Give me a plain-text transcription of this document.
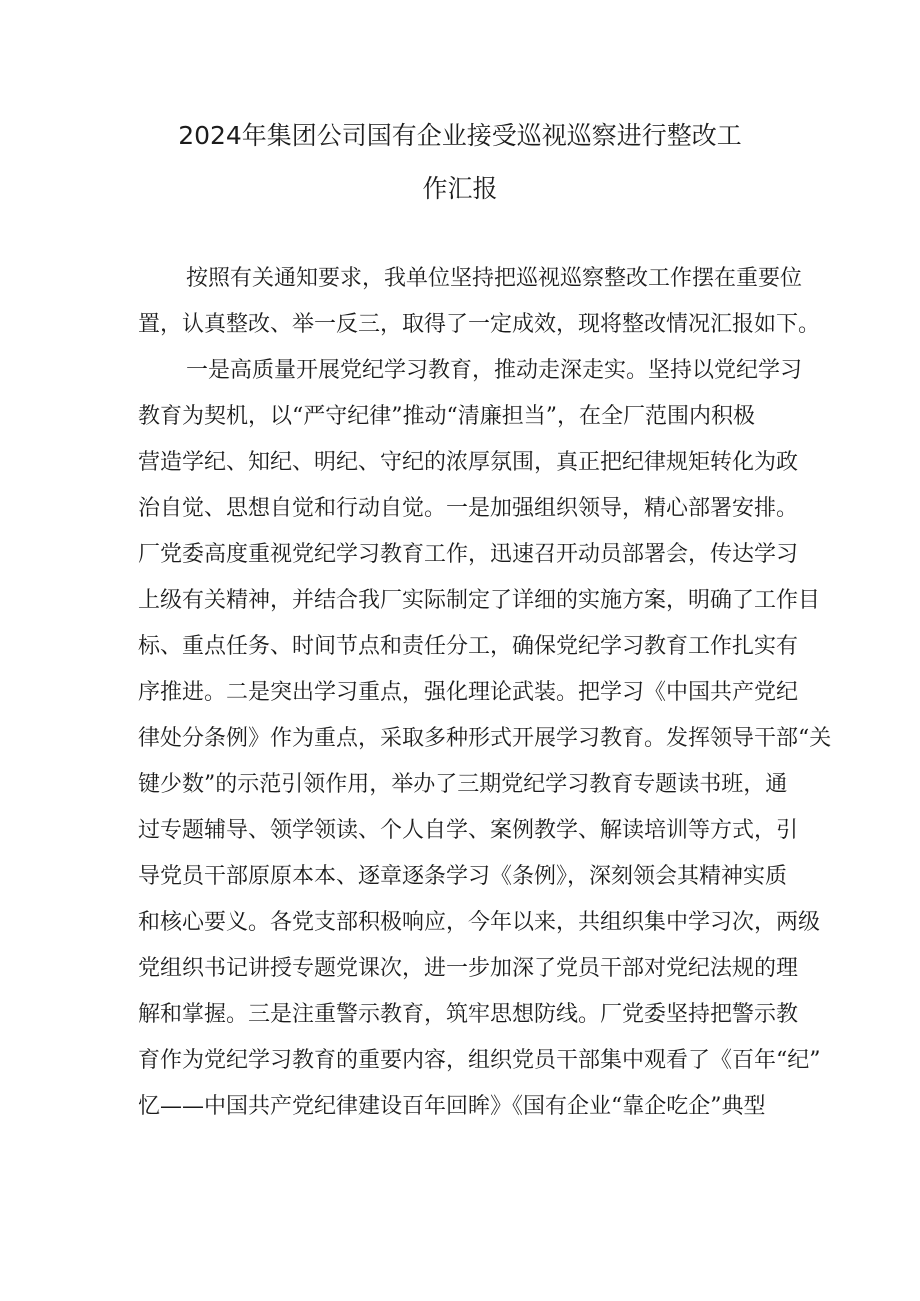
2024年集团公司国有企业接受巡视巡察进行整改工
作汇报
按照有关通知要求，我单位坚持把巡视巡察整改工作摆在重要位
置，认真整改、举一反三，取得了一定成效，现将整改情况汇报如下。
一是高质量开展党纪学习教育，推动走深走实。坚持以党纪学习
教育为契机，以“严守纪律”推动“清廉担当”，在全厂范围内积极
营造学纪、知纪、明纪、守纪的浓厚氛围，真正把纪律规矩转化为政
治自觉、思想自觉和行动自觉。一是加强组织领导，精心部署安排。
厂党委高度重视党纪学习教育工作，迅速召开动员部署会，传达学习
上级有关精神，并结合我厂实际制定了详细的实施方案，明确了工作目
标、重点任务、时间节点和责任分工，确保党纪学习教育工作扎实有
序推进。二是突出学习重点，强化理论武装。把学习《中国共产党纪
律处分条例》作为重点，采取多种形式开展学习教育。发挥领导干部“关
键少数”的示范引领作用，举办了三期党纪学习教育专题读书班，通
过专题辅导、领学领读、个人自学、案例教学、解读培训等方式，引
导党员干部原原本本、逐章逐条学习《条例》，深刻领会其精神实质
和核心要义。各党支部积极响应，今年以来，共组织集中学习次，两级
党组织书记讲授专题党课次，进一步加深了党员干部对党纪法规的理
解和掌握。三是注重警示教育，筑牢思想防线。厂党委坚持把警示教
育作为党纪学习教育的重要内容，组织党员干部集中观看了《百年“纪”
忆——中国共产党纪律建设百年回眸》《国有企业“靠企吃企”典型
